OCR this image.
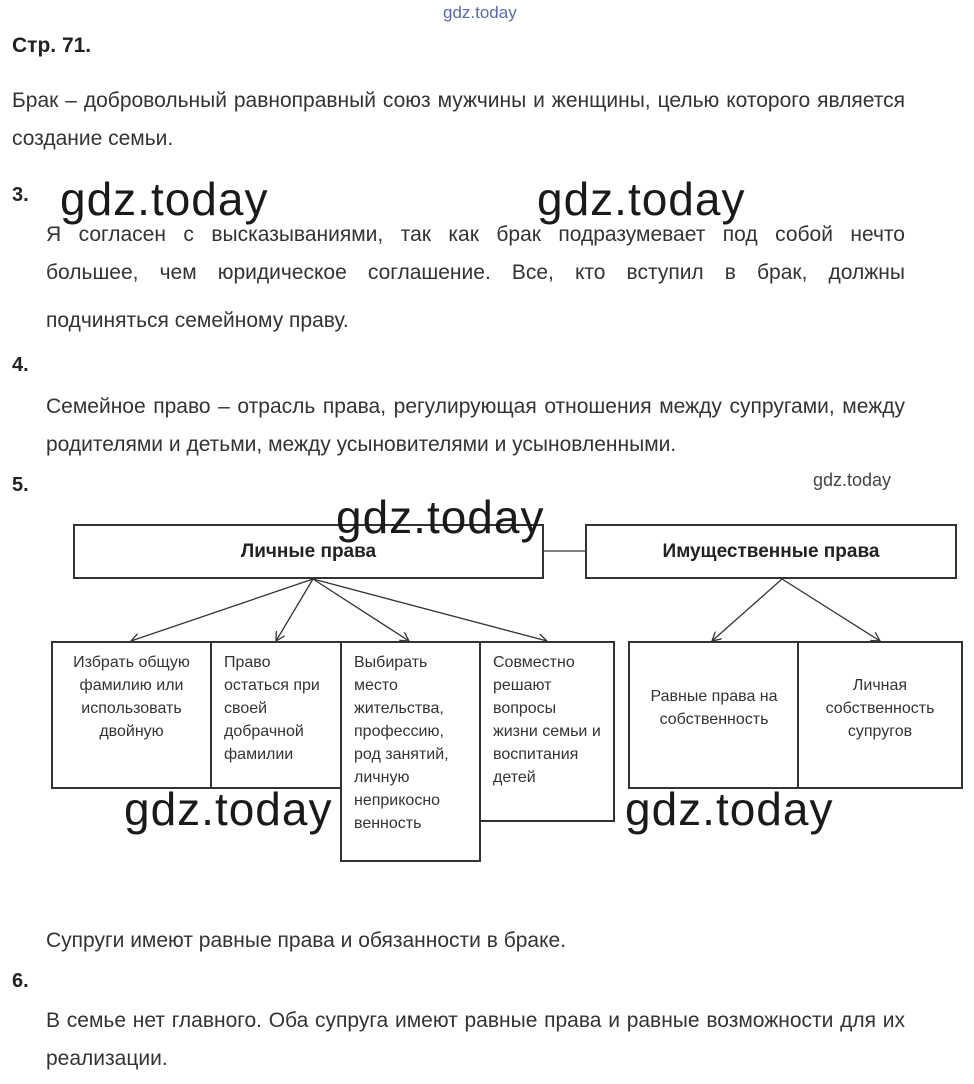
gdz.today
Стр. 71.
Брак – добровольный равноправный союз мужчины и женщины, целью которого является создание семьи.
3.
Я согласен с высказываниями, так как брак подразумевает под собой нечто
большее, чем юридическое соглашение. Все, кто вступил в брак, должны
подчиняться семейному праву.
4.
Семейное право – отрасль права, регулирующая отношения между супругами, между родителями и детьми, между усыновителями и усыновленными.
5.	gdz.today
Личные права	Имущественные права
Избрать общую фамилию или использовать двойную
Право остаться при своей добрачной фамилии
Выбирать место жительства, профессию, род занятий, личную неприкосно венность
Совместно решают вопросы жизни семьи и воспитания детей
Равные права на собственность
Личная собственность супругов
Супруги имеют равные права и обязанности в браке.
6.
В семье нет главного. Оба супруга имеют равные права и равные возможности для их реализации.
gdz.today	gdz.today
gdz.today
gdz.today	gdz.today
